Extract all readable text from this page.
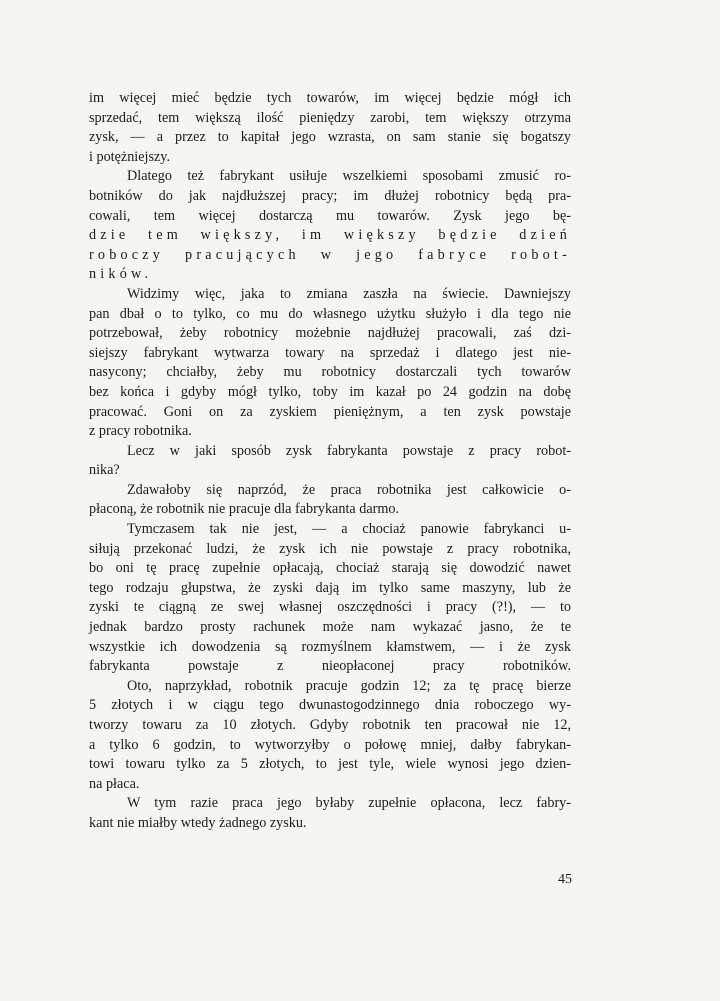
im więcej mieć będzie tych towarów, im więcej będzie mógł ich
sprzedać, tem większą ilość pieniędzy zarobi, tem większy otrzyma
zysk, — a przez to kapitał jego wzrasta, on sam stanie się bogatszy
i potężniejszy.
Dlatego też fabrykant usiłuje wszelkiemi sposobami zmusić ro-
botników do jak najdłuższej pracy; im dłużej robotnicy będą pra-
cowali, tem więcej dostarczą mu towarów. Zysk jego bę-
dzie tem większy, im większy będzie dzień
roboczy pracujących w jego fabryce robot-
ników.
Widzimy więc, jaka to zmiana zaszła na świecie. Dawniejszy
pan dbał o to tylko, co mu do własnego użytku służyło i dla tego nie
potrzebował, żeby robotnicy możebnie najdłużej pracowali, zaś dzi-
siejszy fabrykant wytwarza towary na sprzedaż i dlatego jest nie-
nasycony; chciałby, żeby mu robotnicy dostarczali tych towarów
bez końca i gdyby mógł tylko, toby im kazał po 24 godzin na dobę
pracować. Goni on za zyskiem pieniężnym, a ten zysk powstaje
z pracy robotnika.
Lecz w jaki sposób zysk fabrykanta powstaje z pracy robot-
nika?
Zdawałoby się naprzód, że praca robotnika jest całkowicie o-
płaconą, że robotnik nie pracuje dla fabrykanta darmo.
Tymczasem tak nie jest, — a chociaż panowie fabrykanci u-
siłują przekonać ludzi, że zysk ich nie powstaje z pracy robotnika,
bo oni tę pracę zupełnie opłacają, chociaż starają się dowodzić nawet
tego rodzaju głupstwa, że zyski dają im tylko same maszyny, lub że
zyski te ciągną ze swej własnej oszczędności i pracy (?!), — to
jednak bardzo prosty rachunek może nam wykazać jasno, że te
wszystkie ich dowodzenia są rozmyślnem kłamstwem, — i że zysk
fabrykanta powstaje z nieopłaconej pracy robotników.
Oto, naprzykład, robotnik pracuje godzin 12; za tę pracę bierze
5 złotych i w ciągu tego dwunastogodzinnego dnia roboczego wy-
tworzy towaru za 10 złotych. Gdyby robotnik ten pracował nie 12,
a tylko 6 godzin, to wytworzyłby o połowę mniej, dałby fabrykan-
towi towaru tylko za 5 złotych, to jest tyle, wiele wynosi jego dzien-
na płaca.
W tym razie praca jego byłaby zupełnie opłacona, lecz fabry-
kant nie miałby wtedy żadnego zysku.
45
